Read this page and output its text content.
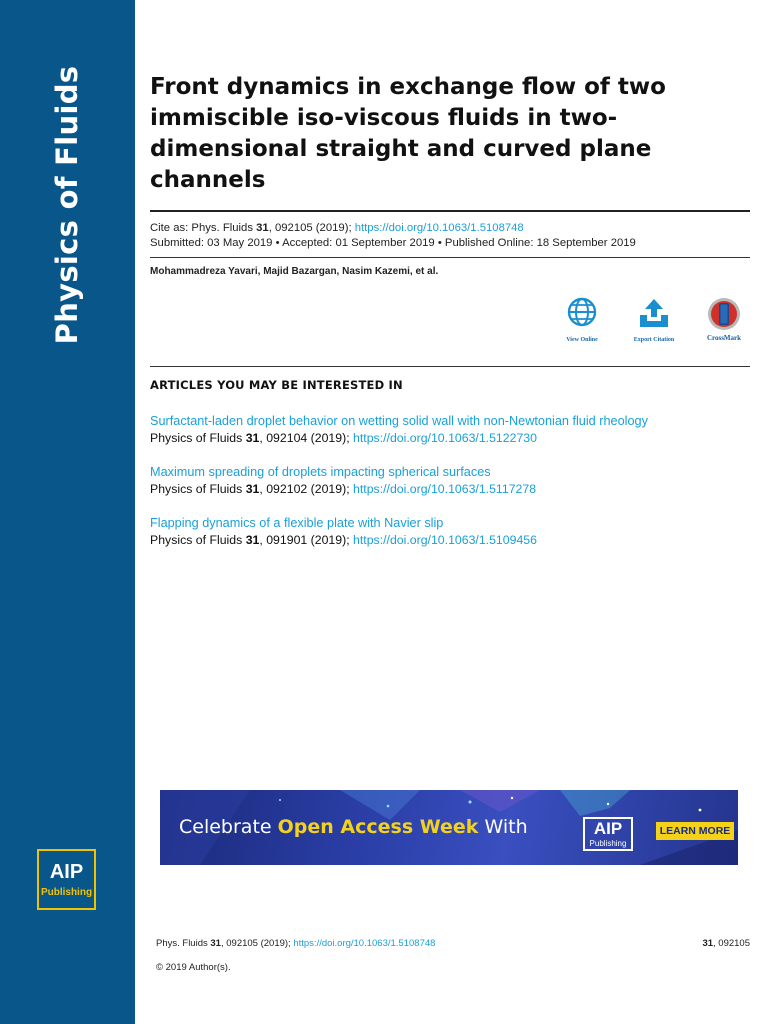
Physics of Fluids
AIP
Publishing
Front dynamics in exchange flow of two immiscible iso-viscous fluids in two-dimensional straight and curved plane channels
Cite as: Phys. Fluids 31, 092105 (2019); https://doi.org/10.1063/1.5108748
Submitted: 03 May 2019 • Accepted: 01 September 2019 • Published Online: 18 September 2019
Mohammadreza Yavari, Majid Bazargan, Nasim Kazemi, et al.
View Online	Export Citation	CrossMark
ARTICLES YOU MAY BE INTERESTED IN
Surfactant-laden droplet behavior on wetting solid wall with non-Newtonian fluid rheology
Physics of Fluids 31, 092104 (2019); https://doi.org/10.1063/1.5122730
Maximum spreading of droplets impacting spherical surfaces
Physics of Fluids 31, 092102 (2019); https://doi.org/10.1063/1.5117278
Flapping dynamics of a flexible plate with Navier slip
Physics of Fluids 31, 091901 (2019); https://doi.org/10.1063/1.5109456
Celebrate Open Access Week With	AIP
Publishing
LEARN MORE
Phys. Fluids 31, 092105 (2019); https://doi.org/10.1063/1.5108748	31, 092105
© 2019 Author(s).
